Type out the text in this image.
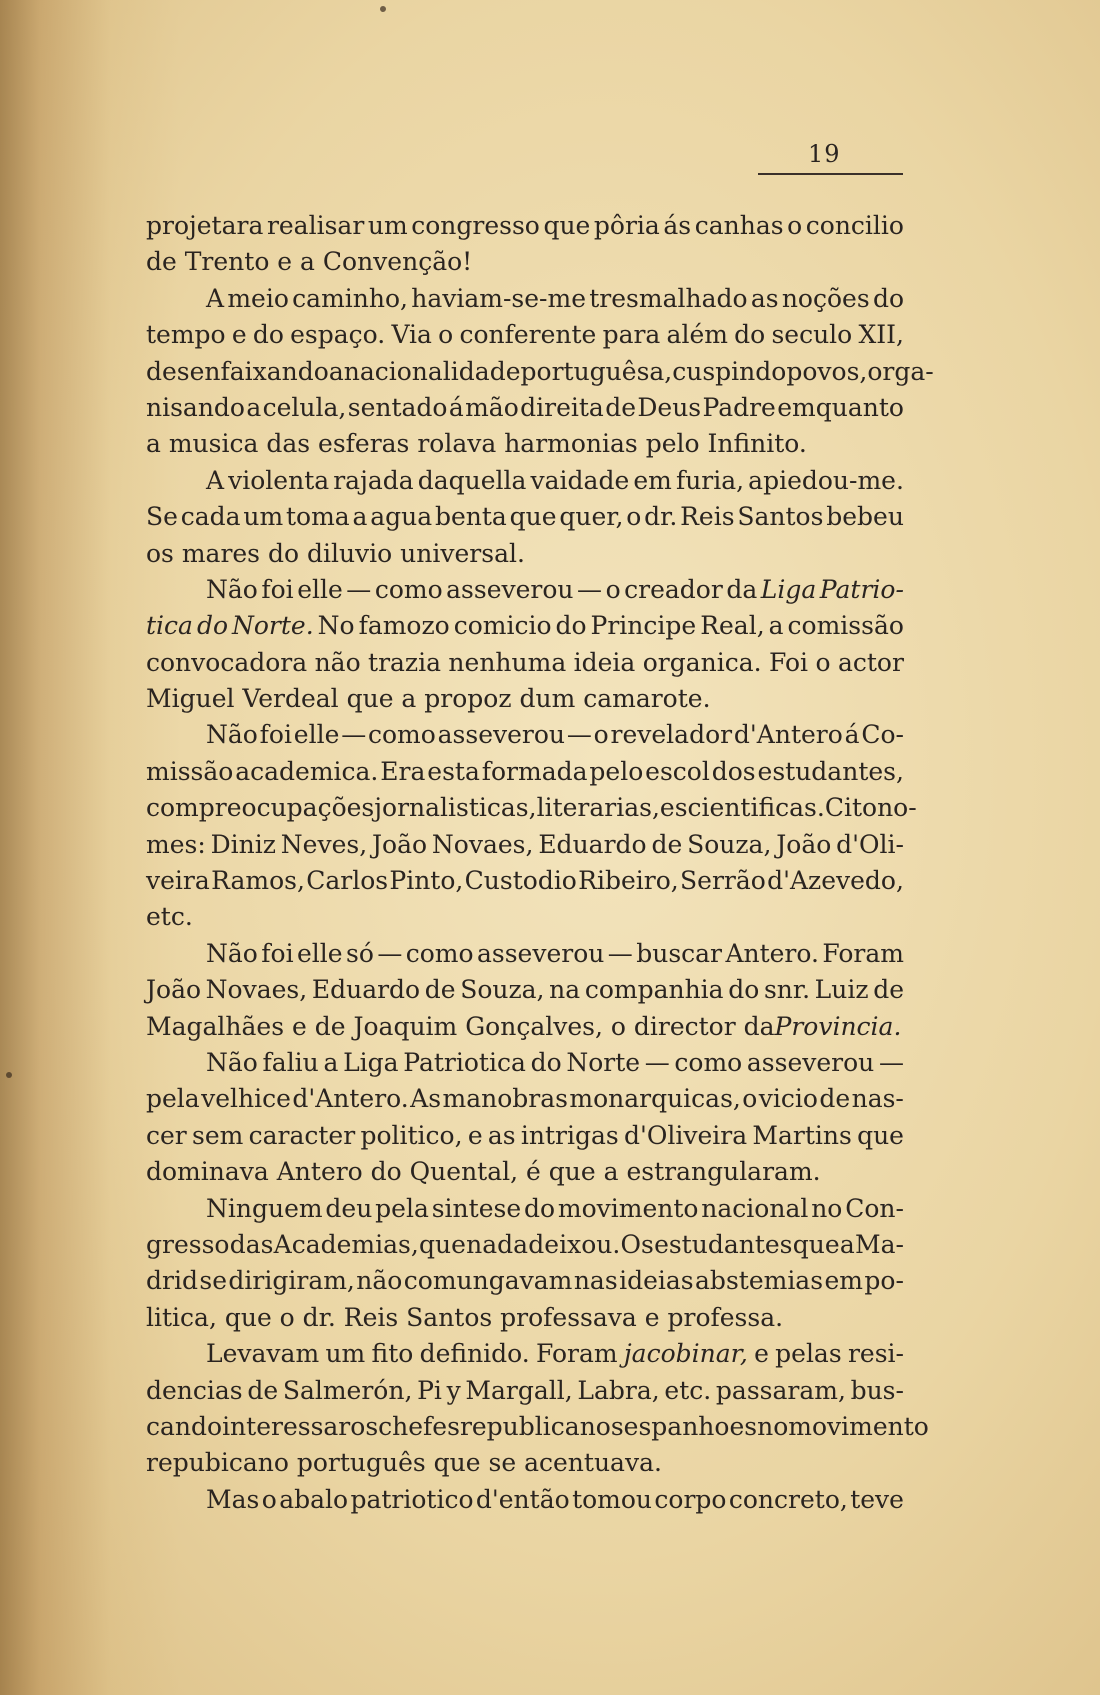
19
projetara realisar um congresso que pôria ás canhas o concilio
de Trento e a Convenção!
A meio caminho, haviam-se-me tresmalhado as noções do
tempo e do espaço. Via o conferente para além do seculo XII,
desenfaixando a nacionalidade portuguêsa, cuspindo povos, orga-
nisando a celula, sentado á mão direita de Deus Padre emquanto
a musica das esferas rolava harmonias pelo Infinito.
A violenta rajada daquella vaidade em furia, apiedou-me.
Se cada um toma a agua benta que quer, o dr. Reis Santos bebeu
os mares do diluvio universal.
Não foi elle — como asseverou — o creador da Liga Patrio-
tica do Norte. No famozo comicio do Principe Real, a comissão
convocadora não trazia nenhuma ideia organica. Foi o actor
Miguel Verdeal que a propoz dum camarote.
Não foi elle — como asseverou — o revelador d'Antero á Co-
missão academica. Era esta formada pelo escol dos estudantes,
com preocupações jornalisticas, literarias, e scientificas. Cito no-
mes: Diniz Neves, João Novaes, Eduardo de Souza, João d'Oli-
veira Ramos, Carlos Pinto, Custodio Ribeiro, Serrão d'Azevedo,
etc.
Não foi elle só — como asseverou — buscar Antero. Foram
João Novaes, Eduardo de Souza, na companhia do snr. Luiz de
Magalhães e de Joaquim Gonçalves, o director da Provincia.
Não faliu a Liga Patriotica do Norte — como asseverou —
pela velhice d'Antero. As manobras monarquicas, o vicio de nas-
cer sem caracter politico, e as intrigas d'Oliveira Martins que
dominava Antero do Quental, é que a estrangularam.
Ninguem deu pela sintese do movimento nacional no Con-
gresso das Academias, que nada deixou. Os estudantes que a Ma-
drid se dirigiram, não comungavam nas ideias abstemias em po-
litica, que o dr. Reis Santos professava e professa.
Levavam um fito definido. Foram jacobinar, e pelas resi-
dencias de Salmerón, Pi y Margall, Labra, etc. passaram, bus-
cando interessar os chefes republicanos espanhoes no movimento
repubicano português que se acentuava.
Mas o abalo patriotico d'então tomou corpo concreto, teve
